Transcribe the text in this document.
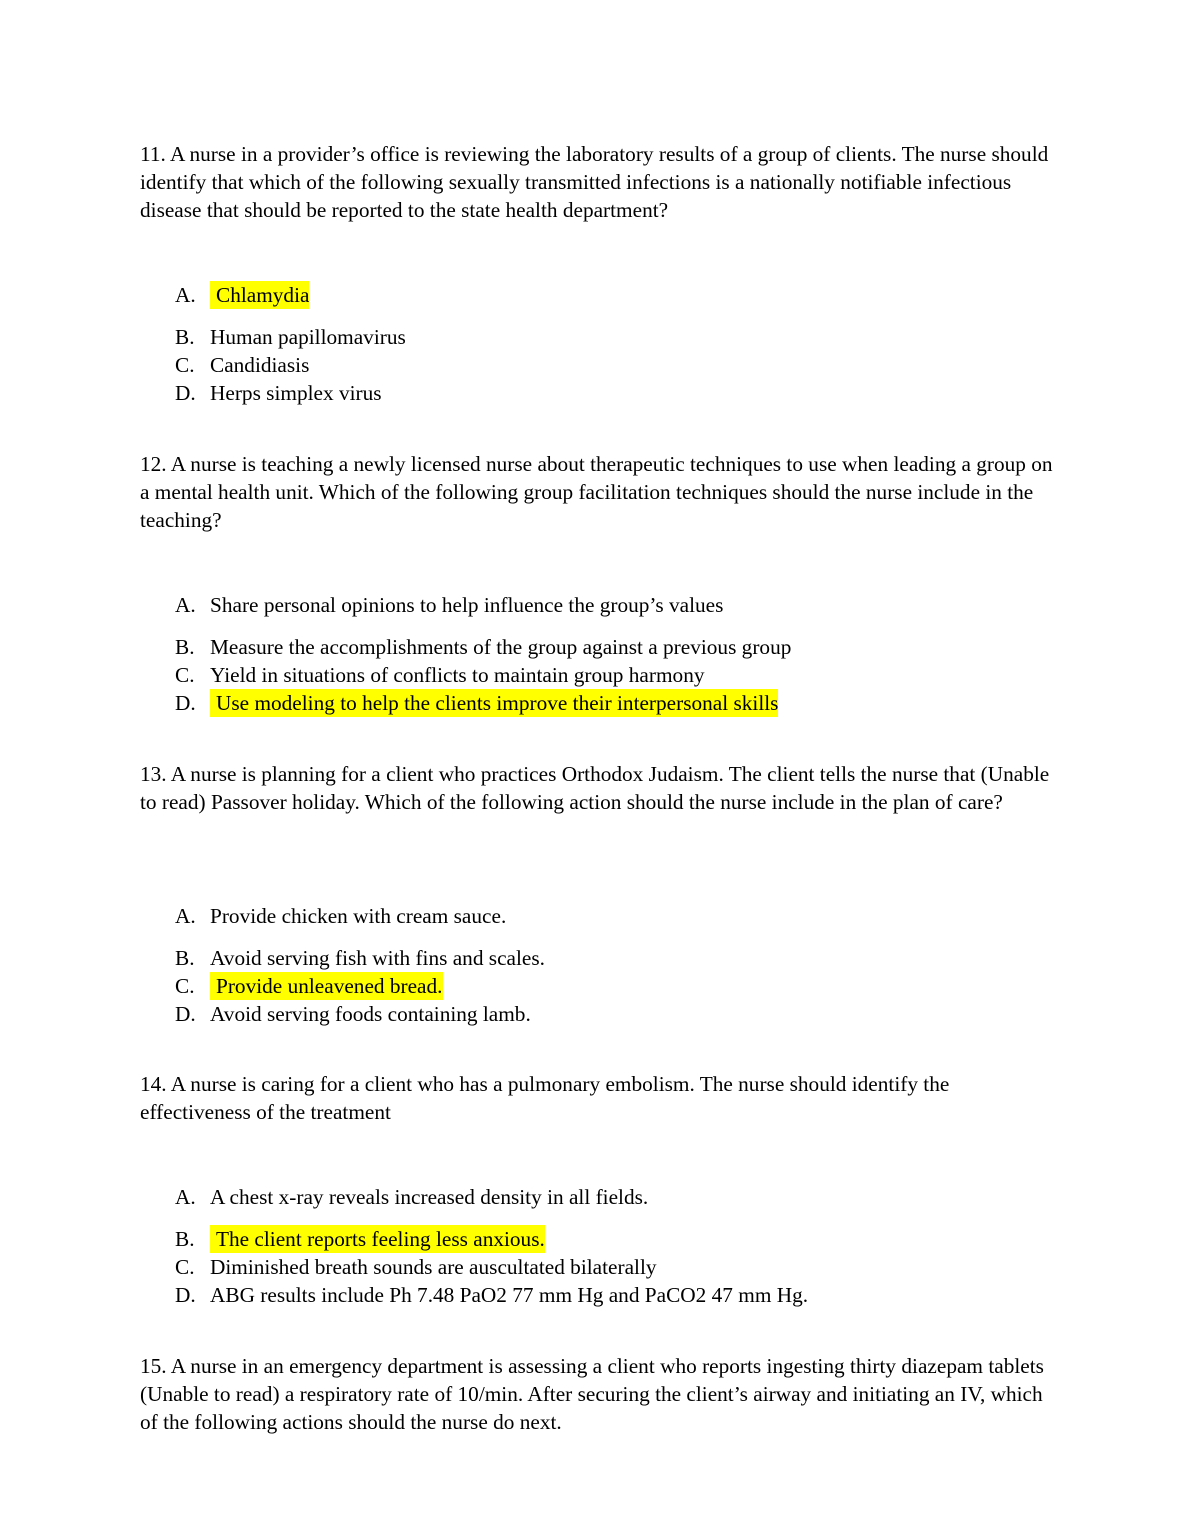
11. A nurse in a provider’s office is reviewing the laboratory results of a group of clients. The nurse should identify that which of the following sexually transmitted infections is a nationally notifiable infectious disease that should be reported to the state health department?

A. Chlamydia
B. Human papillomavirus
C. Candidiasis
D. Herps simplex virus

12. A nurse is teaching a newly licensed nurse about therapeutic techniques to use when leading a group on a mental health unit. Which of the following group facilitation techniques should the nurse include in the teaching?

A. Share personal opinions to help influence the group’s values
B. Measure the accomplishments of the group against a previous group
C. Yield in situations of conflicts to maintain group harmony
D. Use modeling to help the clients improve their interpersonal skills

13. A nurse is planning for a client who practices Orthodox Judaism. The client tells the nurse that (Unable to read) Passover holiday. Which of the following action should the nurse include in the plan of care?

A. Provide chicken with cream sauce.
B. Avoid serving fish with fins and scales.
C.	Provide unleavened bread.
D. Avoid serving foods containing lamb.

14. A nurse is caring for a client who has a pulmonary embolism. The nurse should identify the effectiveness of the treatment

A. A chest x-ray reveals increased density in all fields.
B.	The client reports feeling less anxious.
C. Diminished breath sounds are auscultated bilaterally
D. ABG results include Ph 7.48 PaO2 77 mm Hg and PaCO2 47 mm Hg.

15. A nurse in an emergency department is assessing a client who reports ingesting thirty diazepam tablets (Unable to read) a respiratory rate of 10/min. After securing the client’s airway and initiating an IV, which of the following actions should the nurse do next.
